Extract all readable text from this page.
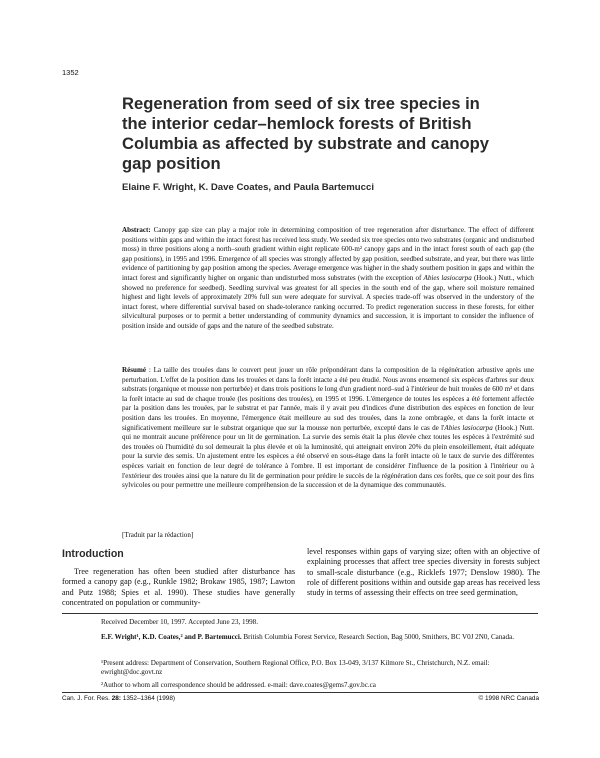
1352
Regeneration from seed of six tree species in the interior cedar–hemlock forests of British Columbia as affected by substrate and canopy gap position
Elaine F. Wright, K. Dave Coates, and Paula Bartemucci

Abstract: Canopy gap size can play a major role in determining composition of tree regeneration after disturbance. The effect of different positions within gaps and within the intact forest has received less study. We seeded six tree species onto two substrates (organic and undisturbed moss) in three positions along a north–south gradient within eight replicate 600-m² canopy gaps and in the intact forest south of each gap (the gap positions), in 1995 and 1996. Emergence of all species was strongly affected by gap position, seedbed substrate, and year, but there was little evidence of partitioning by gap position among the species. Average emergence was higher in the shady southern position in gaps and within the intact forest and significantly higher on organic than undisturbed moss substrates (with the exception of Abies lasiocarpa (Hook.) Nutt., which showed no preference for seedbed). Seedling survival was greatest for all species in the south end of the gap, where soil moisture remained highest and light levels of approximately 20% full sun were adequate for survival. A species trade-off was observed in the understory of the intact forest, where differential survival based on shade-tolerance ranking occurred. To predict regeneration success in these forests, for either silvicultural purposes or to permit a better understanding of community dynamics and succession, it is important to consider the influence of position inside and outside of gaps and the nature of the seedbed substrate.

Résumé : La taille des trouées dans le couvert peut jouer un rôle prépondérant dans la composition de la régénération arbustive après une perturbation. L'effet de la position dans les trouées et dans la forêt intacte a été peu étudié. Nous avons ensemencé six espèces d'arbres sur deux substrats (organique et mousse non perturbée) et dans trois positions le long d'un gradient nord–sud à l'intérieur de huit trouées de 600 m² et dans la forêt intacte au sud de chaque trouée (les positions des trouées), en 1995 et 1996. L'émergence de toutes les espèces a été fortement affectée par la position dans les trouées, par le substrat et par l'année, mais il y avait peu d'indices d'une distribution des espèces en fonction de leur position dans les trouées. En moyenne, l'émergence était meilleure au sud des trouées, dans la zone ombragée, et dans la forêt intacte et significativement meilleure sur le substrat organique que sur la mousse non perturbée, excepté dans le cas de l'Abies lasiocarpa (Hook.) Nutt. qui ne montrait aucune préférence pour un lit de germination. La survie des semis était la plus élevée chez toutes les espèces à l'extrémité sud des trouées où l'humidité du sol demeurait la plus élevée et où la luminosité, qui atteignait environ 20% du plein ensoleillement, était adéquate pour la survie des semis. Un ajustement entre les espèces a été observé en sous-étage dans la forêt intacte où le taux de survie des différentes espèces variait en fonction de leur degré de tolérance à l'ombre. Il est important de considérer l'influence de la position à l'intérieur ou à l'extérieur des trouées ainsi que la nature du lit de germination pour prédire le succès de la régénération dans ces forêts, que ce soit pour des fins sylvicoles ou pour permettre une meilleure compréhension de la succession et de la dynamique des communautés.

[Traduit par la rédaction]
Introduction

Tree regeneration has often been studied after disturbance has formed a canopy gap (e.g., Runkle 1982; Brokaw 1985, 1987; Lawton and Putz 1988; Spies et al. 1990). These studies have generally concentrated on population or community-

level responses within gaps of varying size; often with an objective of explaining processes that affect tree species diversity in forests subject to small-scale disturbance (e.g., Ricklefs 1977; Denslow 1980). The role of different positions within and outside gap areas has received less study in terms of assessing their effects on tree seed germination,

Received December 10, 1997. Accepted June 23, 1998.

E.F. Wright¹, K.D. Coates,² and P. Bartemucci. British Columbia Forest Service, Research Section, Bag 5000, Smithers, BC V0J 2N0, Canada.

¹Present address: Department of Conservation, Southern Regional Office, P.O. Box 13-049, 3/137 Kilmore St., Christchurch, N.Z. email: ewright@doc.govt.nz

²Author to whom all correspondence should be addressed. e-mail: dave.coates@gems7.gov.bc.ca

Can. J. For. Res. 28: 1352–1364 (1998)	© 1998 NRC Canada
